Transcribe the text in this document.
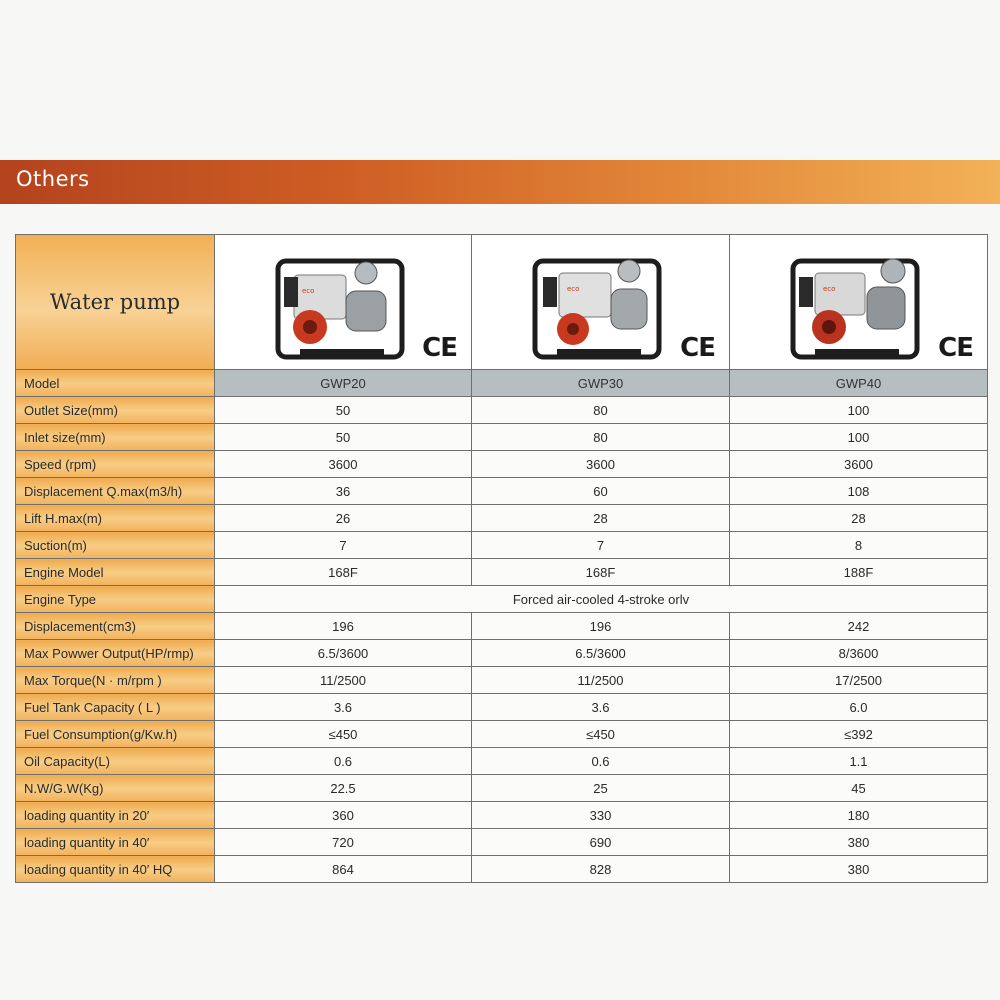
Others
Water pump	eco
CE	eco
CE	eco
CE

Model	GWP20	GWP30	GWP40
Outlet Size(mm)	50	80	100
Inlet size(mm)	50	80	100
Speed (rpm)	3600	3600	3600
Displacement Q.max(m3/h)	36	60	108
Lift H.max(m)	26	28	28
Suction(m)	7	7	8
Engine Model	168F	168F	188F
Engine Type	Forced air-cooled 4-stroke orlv		
Displacement(cm3)	196	196	242
Max Powwer Output(HP/rmp)	6.5/3600	6.5/3600	8/3600
Max Torque(N · m/rpm )	11/2500	11/2500	17/2500
Fuel Tank Capacity ( L )	3.6	3.6	6.0
Fuel Consumption(g/Kw.h)	≤450	≤450	≤392
Oil Capacity(L)	0.6	0.6	1.1
N.W/G.W(Kg)	22.5	25	45
loading quantity in 20′	360	330	180
loading quantity in 40′	720	690	380
loading quantity in 40′ HQ	864	828	380
